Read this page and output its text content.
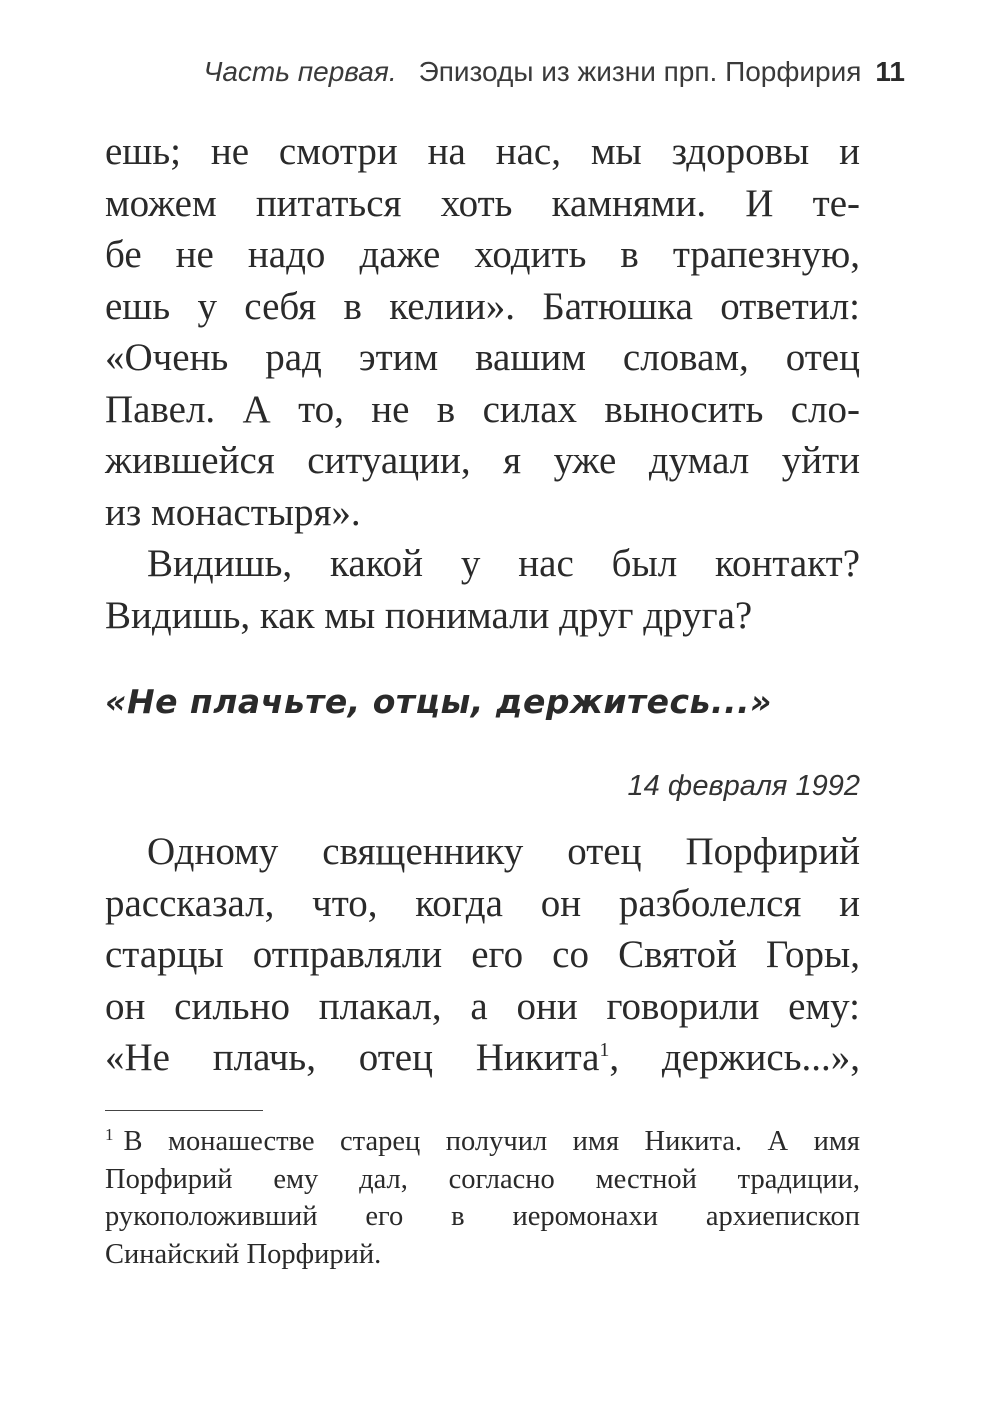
Часть первая. Эпизоды из жизни прп. Порфирия 11
ешь; не смотри на нас, мы здоровы и
можем питаться хоть камнями. И те-
бе не надо даже ходить в трапезную,
ешь у себя в келии». Батюшка ответил:
«Очень рад этим вашим словам, отец
Павел. А то, не в силах выносить сло-
жившейся ситуации, я уже думал уйти
из монастыря».
Видишь, какой у нас был контакт?
Видишь, как мы понимали друг друга?
«Не плачьте, отцы, держитесь...»
14 февраля 1992
Одному священнику отец Порфирий
рассказал, что, когда он разболелся и
старцы отправляли его со Святой Горы,
он сильно плакал, а они говорили ему:
«Не плачь, отец Никита$^1$, держись...»,
$^1$ В монашестве старец получил имя Никита. А имя
Порфирий ему дал, согласно местной традиции,
рукоположивший его в иеромонахи архиепископ
Синайский Порфирий.
